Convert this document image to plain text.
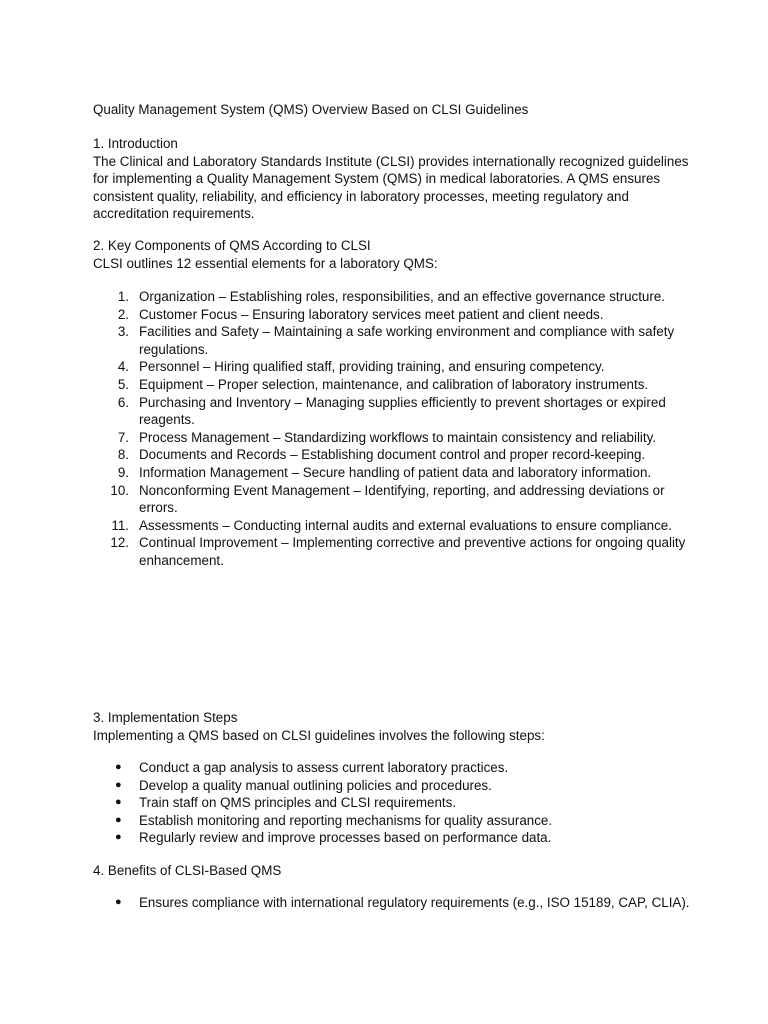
Quality Management System (QMS) Overview Based on CLSI Guidelines
1. Introduction

The Clinical and Laboratory Standards Institute (CLSI) provides internationally recognized guidelines for implementing a Quality Management System (QMS) in medical laboratories. A QMS ensures consistent quality, reliability, and efficiency in laboratory processes, meeting regulatory and accreditation requirements.

2. Key Components of QMS According to CLSI

CLSI outlines 12 essential elements for a laboratory QMS:

1. Organization – Establishing roles, responsibilities, and an effective governance structure.
2. Customer Focus – Ensuring laboratory services meet patient and client needs.
3. Facilities and Safety – Maintaining a safe working environment and compliance with safety regulations.
4. Personnel – Hiring qualified staff, providing training, and ensuring competency.
5. Equipment – Proper selection, maintenance, and calibration of laboratory instruments.
6. Purchasing and Inventory – Managing supplies efficiently to prevent shortages or expired reagents.
7. Process Management – Standardizing workflows to maintain consistency and reliability.
8. Documents and Records – Establishing document control and proper record-keeping.
9. Information Management – Secure handling of patient data and laboratory information.
10. Nonconforming Event Management – Identifying, reporting, and addressing deviations or errors.
11. Assessments – Conducting internal audits and external evaluations to ensure compliance.
12. Continual Improvement – Implementing corrective and preventive actions for ongoing quality enhancement.
3. Implementation Steps

Implementing a QMS based on CLSI guidelines involves the following steps:

● Conduct a gap analysis to assess current laboratory practices.
● Develop a quality manual outlining policies and procedures.
● Train staff on QMS principles and CLSI requirements.
● Establish monitoring and reporting mechanisms for quality assurance.
● Regularly review and improve processes based on performance data.
4. Benefits of CLSI-Based QMS
● Ensures compliance with international regulatory requirements (e.g., ISO 15189, CAP, CLIA).
